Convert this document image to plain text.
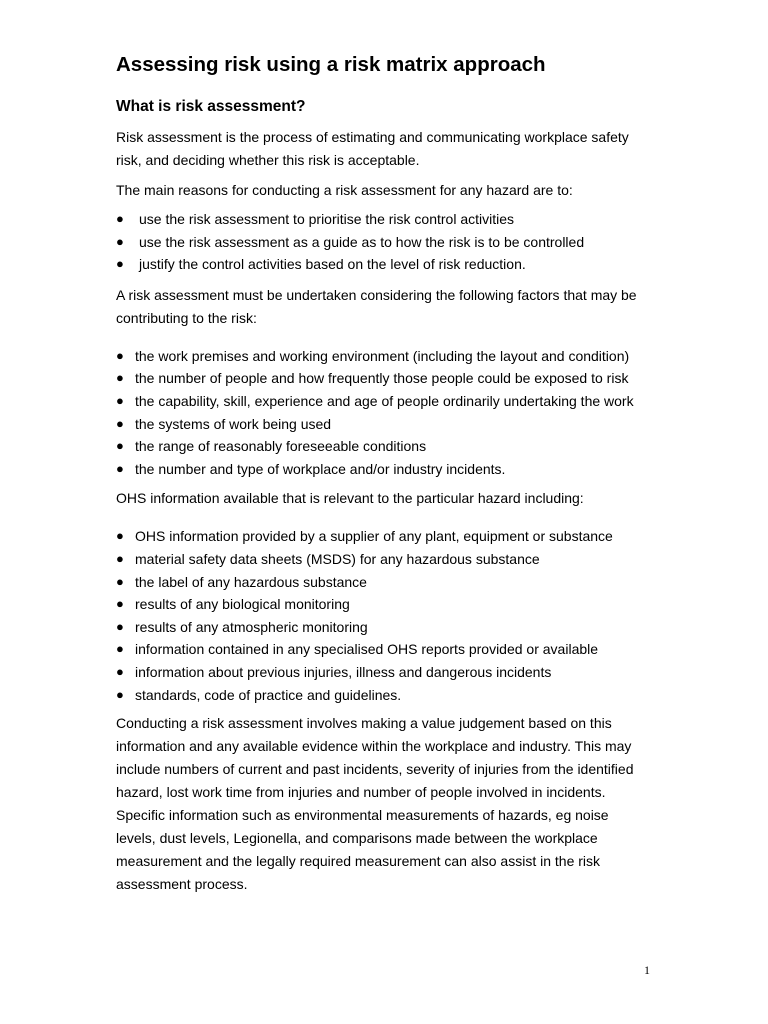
Assessing risk using a risk matrix approach
What is risk assessment?

Risk assessment is the process of estimating and communicating workplace safety
risk, and deciding whether this risk is acceptable.

The main reasons for conducting a risk assessment for any hazard are to:

● use the risk assessment to prioritise the risk control activities
● use the risk assessment as a guide as to how the risk is to be controlled
● justify the control activities based on the level of risk reduction.

A risk assessment must be undertaken considering the following factors that may be
contributing to the risk:

● the work premises and working environment (including the layout and condition)
● the number of people and how frequently those people could be exposed to risk
● the capability, skill, experience and age of people ordinarily undertaking the work
● the systems of work being used
● the range of reasonably foreseeable conditions
● the number and type of workplace and/or industry incidents.

OHS information available that is relevant to the particular hazard including:

● OHS information provided by a supplier of any plant, equipment or substance
● material safety data sheets (MSDS) for any hazardous substance
● the label of any hazardous substance
● results of any biological monitoring
● results of any atmospheric monitoring
● information contained in any specialised OHS reports provided or available
● information about previous injuries, illness and dangerous incidents
● standards, code of practice and guidelines.

Conducting a risk assessment involves making a value judgement based on this
information and any available evidence within the workplace and industry. This may
include numbers of current and past incidents, severity of injuries from the identified
hazard, lost work time from injuries and number of people involved in incidents.
Specific information such as environmental measurements of hazards, eg noise
levels, dust levels, Legionella, and comparisons made between the workplace
measurement and the legally required measurement can also assist in the risk
assessment process.

1
